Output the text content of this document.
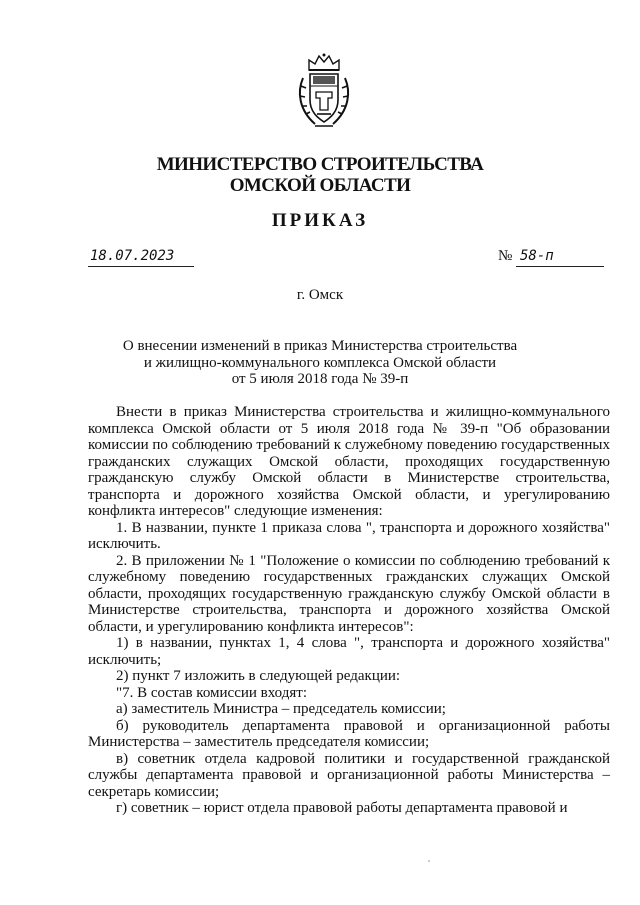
МИНИСТЕРСТВО СТРОИТЕЛЬСТВА
ОМСКОЙ ОБЛАСТИ
ПРИКАЗ
18.07.2023	№ 58-п
г. Омск
О внесении изменений в приказ Министерства строительства
и жилищно-коммунального комплекса Омской области
от 5 июля 2018 года № 39-п

Внести в приказ Министерства строительства и жилищно-коммунального комплекса Омской области от 5 июля 2018 года № 39-п "Об образовании комиссии по соблюдению требований к служебному поведению государственных гражданских служащих Омской области, проходящих государственную гражданскую службу Омской области в Министерстве строительства, транспорта и дорожного хозяйства Омской области, и урегулированию конфликта интересов" следующие изменения:

1. В названии, пункте 1 приказа слова ", транспорта и дорожного хозяйства" исключить.

2. В приложении № 1 "Положение о комиссии по соблюдению требований к служебному поведению государственных гражданских служащих Омской области, проходящих государственную гражданскую службу Омской области в Министерстве строительства, транспорта и дорожного хозяйства Омской области, и урегулированию конфликта интересов":

1) в названии, пунктах 1, 4 слова ", транспорта и дорожного хозяйства" исключить;

2) пункт 7 изложить в следующей редакции:

"7. В состав комиссии входят:

а) заместитель Министра – председатель комиссии;

б) руководитель департамента правовой и организационной работы Министерства – заместитель председателя комиссии;

в) советник отдела кадровой политики и государственной гражданской службы департамента правовой и организационной работы Министерства – секретарь комиссии;

г) советник – юрист отдела правовой работы департамента правовой и
